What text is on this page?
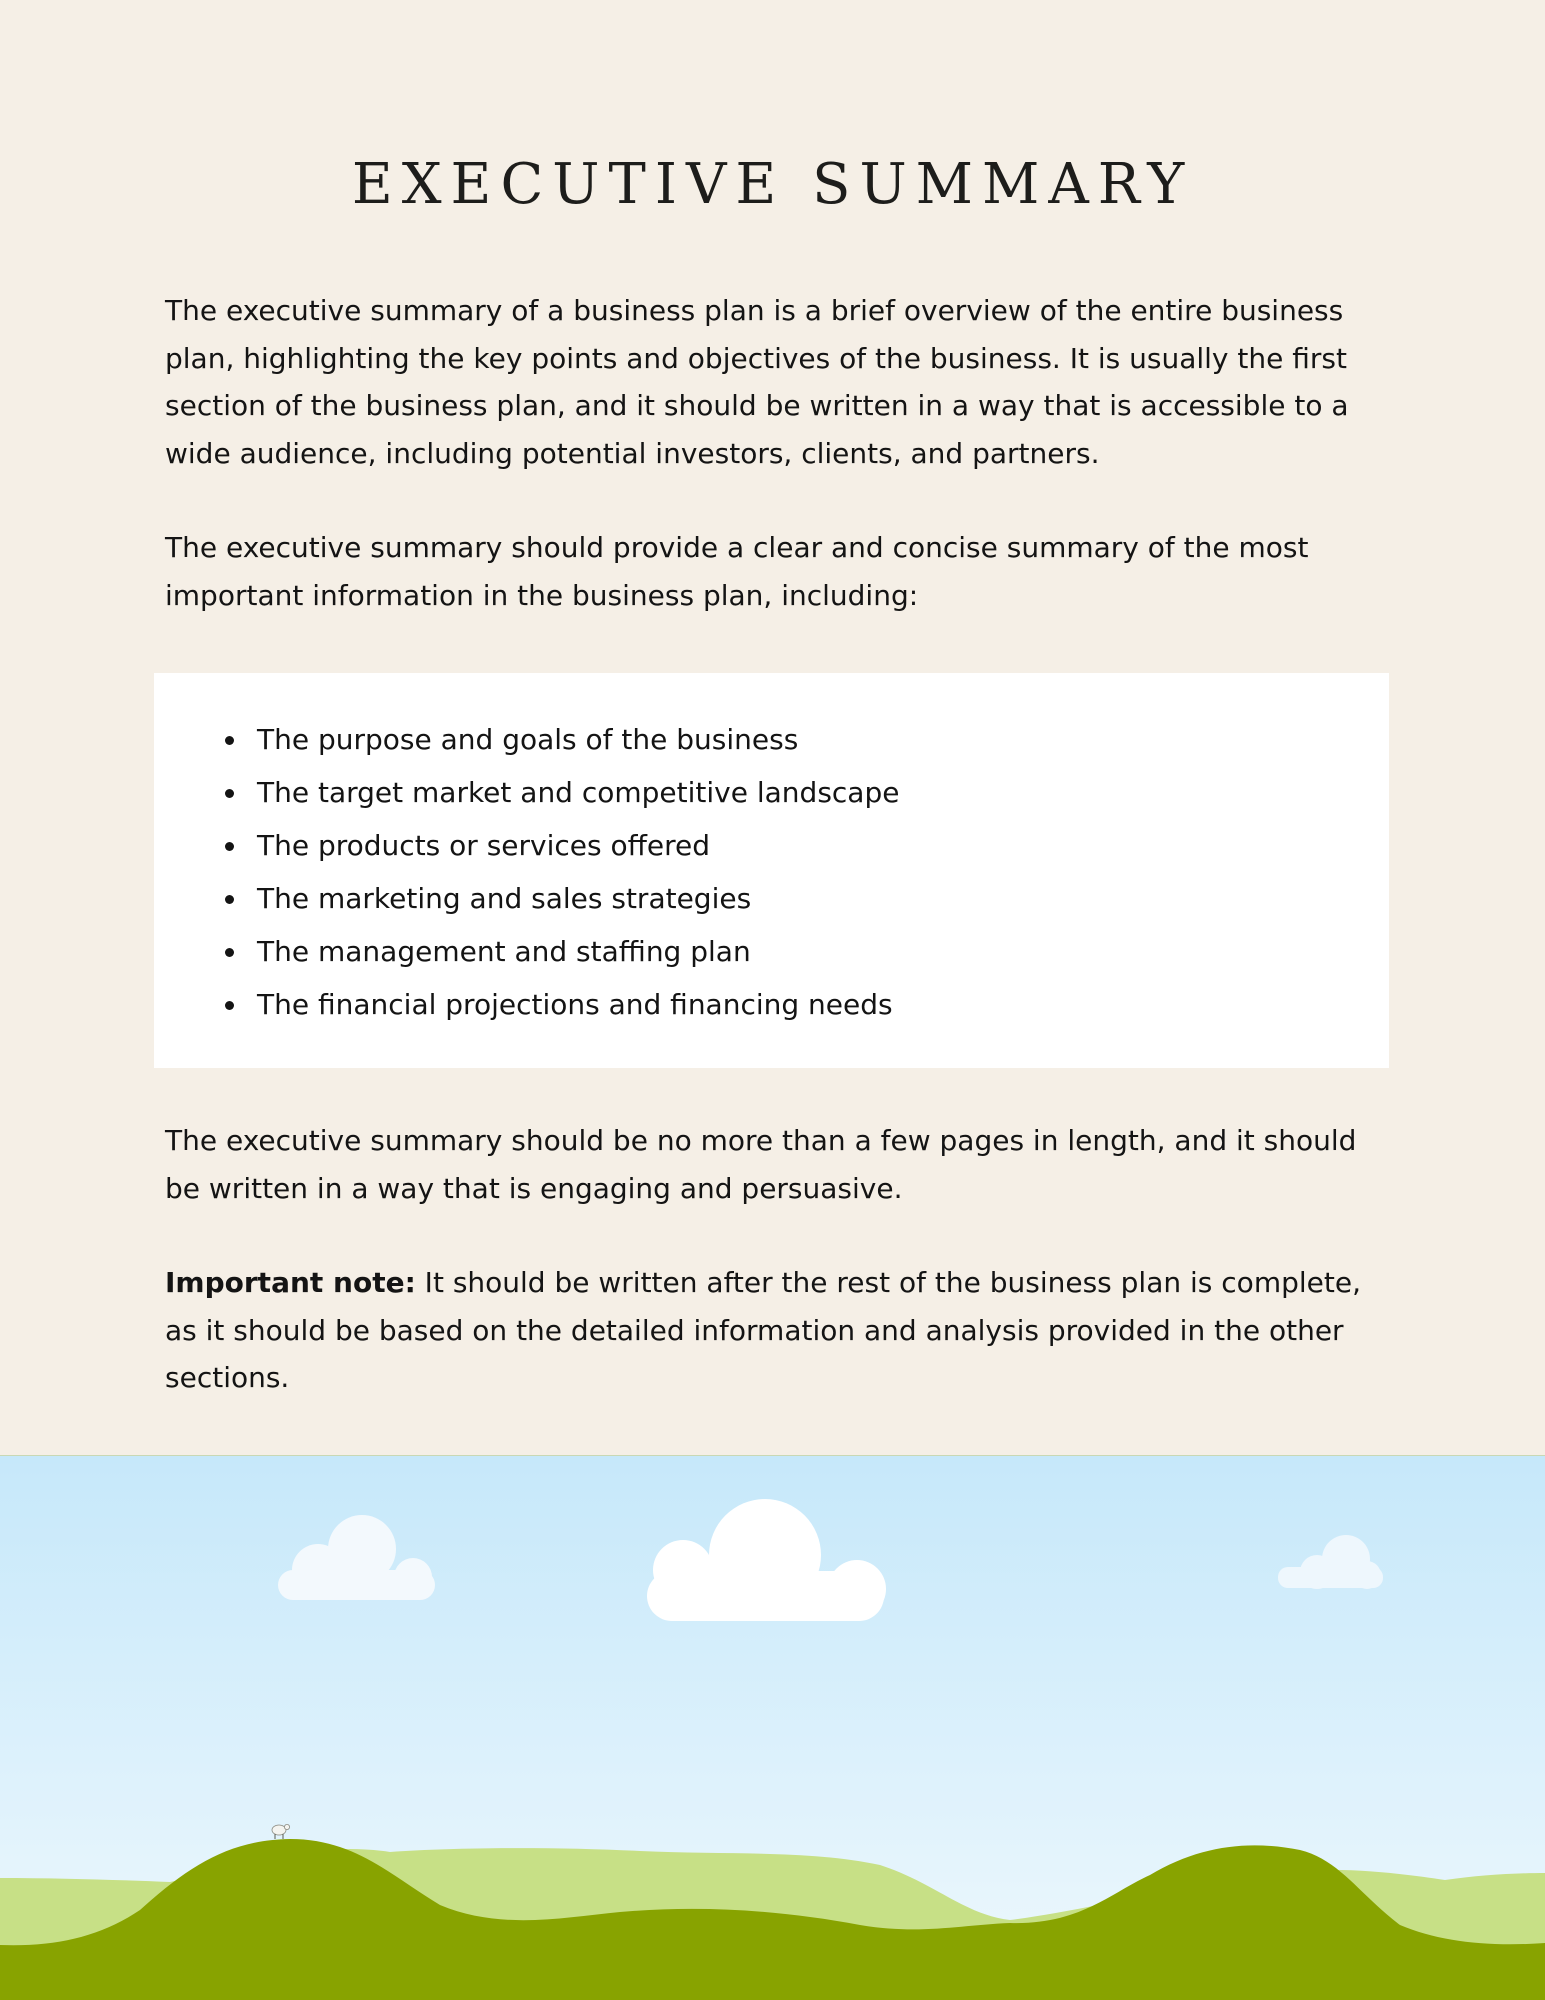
EXECUTIVE SUMMARY

The executive summary of a business plan is a brief overview of the entire business plan, highlighting the key points and objectives of the business. It is usually the first section of the business plan, and it should be written in a way that is accessible to a wide audience, including potential investors, clients, and partners.

The executive summary should provide a clear and concise summary of the most important information in the business plan, including:

The purpose and goals of the business
The target market and competitive landscape
The products or services offered
The marketing and sales strategies
The management and staffing plan
The financial projections and financing needs

The executive summary should be no more than a few pages in length, and it should be written in a way that is engaging and persuasive.

Important note: It should be written after the rest of the business plan is complete, as it should be based on the detailed information and analysis provided in the other sections.
